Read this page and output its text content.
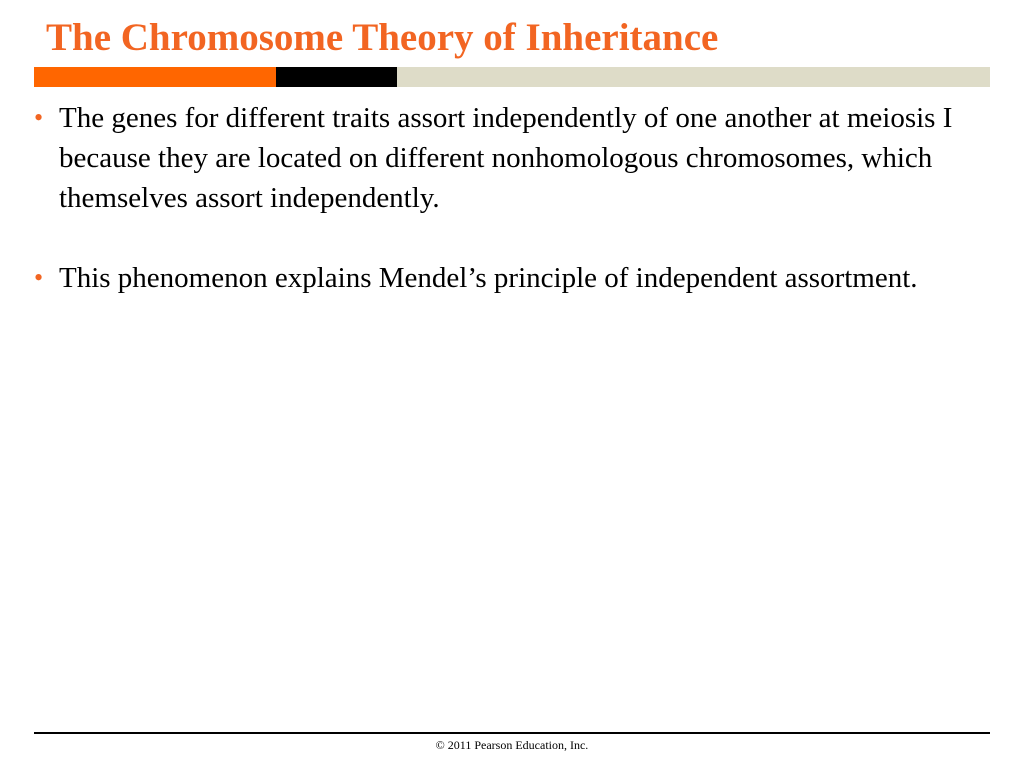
The Chromosome Theory of Inheritance
• The genes for different traits assort independently of one another at meiosis I because they are located on different nonhomologous chromosomes, which themselves assort independently.
• This phenomenon explains Mendel’s principle of independent assortment.
© 2011 Pearson Education, Inc.
